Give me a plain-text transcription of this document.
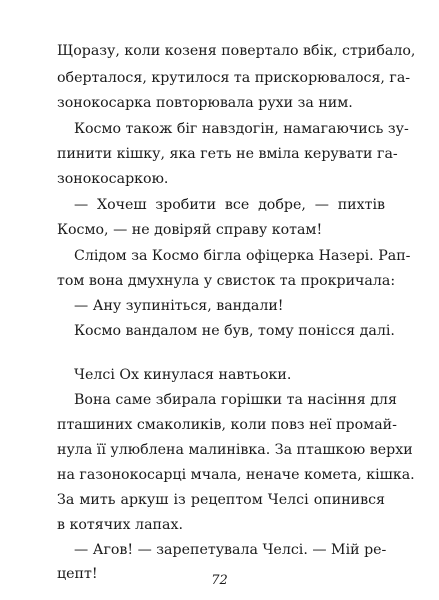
Щоразу, коли козеня повертало вбік, стрибало,

оберталося, крутилося та прискорювалося, га-

зонокосарка повторювала рухи за ним.

Космо також біг навздогін, намагаючись зу-

пинити кішку, яка геть не вміла керувати га-

зонокосаркою.

— Хочеш зробити все добре, — пихтів

Космо, — не довіряй справу котам!

Слідом за Космо бігла офіцерка Назері. Рап-

том вона дмухнула у свисток та прокричала:

— Ану зупиніться, вандали!

Космо вандалом не був, тому понісся далі.

Челсі Ох кинулася навтьоки.

Вона саме збирала горішки та насіння для

пташиних смаколиків, коли повз неї промай-

нула її улюблена малинівка. За пташкою верхи

на газонокосарці мчала, неначе комета, кішка.

За мить аркуш із рецептом Челсі опинився

в котячих лапах.

— Агов! — зарепетувала Челсі. — Мій ре-

цепт!	72
